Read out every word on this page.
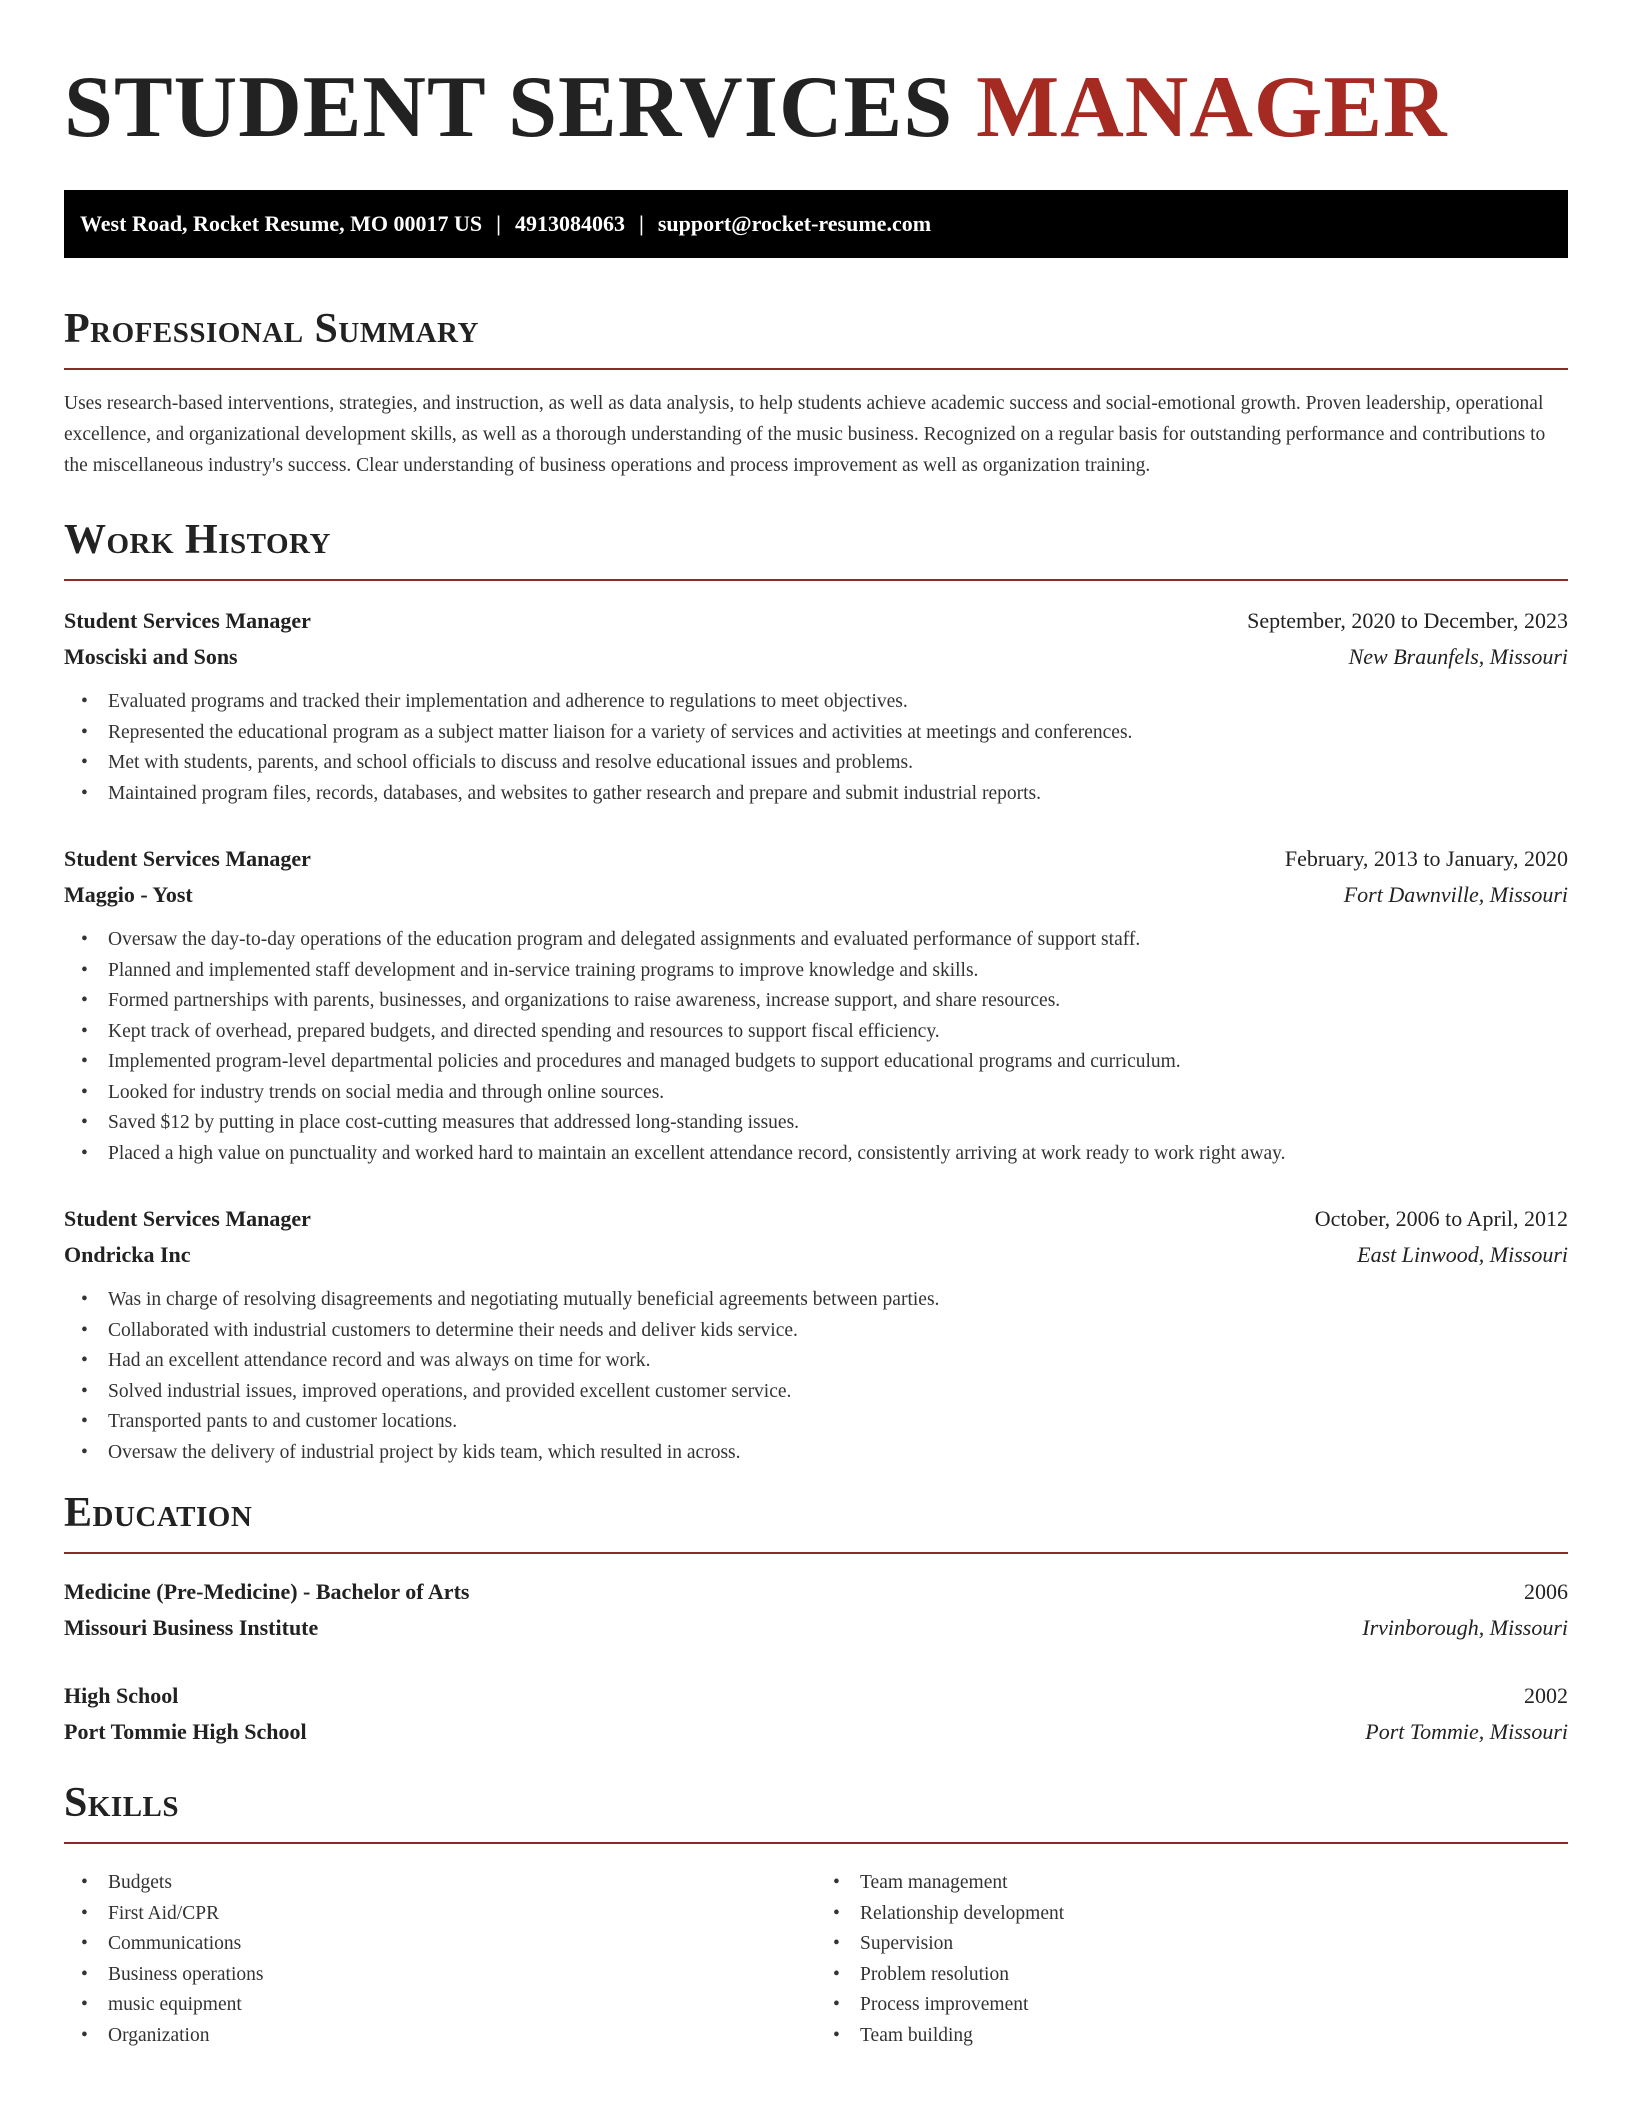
STUDENT SERVICES MANAGER
West Road, Rocket Resume, MO 00017 US | 4913084063 | support@rocket-resume.com
Professional Summary

Uses research-based interventions, strategies, and instruction, as well as data analysis, to help students achieve academic success and social-emotional growth. Proven leadership, operational excellence, and organizational development skills, as well as a thorough understanding of the music business. Recognized on a regular basis for outstanding performance and contributions to the miscellaneous industry's success. Clear understanding of business operations and process improvement as well as organization training.

Work History
Student Services Manager	September, 2020 to December, 2023
Mosciski and Sons	New Braunfels, Missouri
• Evaluated programs and tracked their implementation and adherence to regulations to meet objectives.
• Represented the educational program as a subject matter liaison for a variety of services and activities at meetings and conferences.
• Met with students, parents, and school officials to discuss and resolve educational issues and problems.
• Maintained program files, records, databases, and websites to gather research and prepare and submit industrial reports.
Student Services Manager	February, 2013 to January, 2020
Maggio - Yost	Fort Dawnville, Missouri
• Oversaw the day-to-day operations of the education program and delegated assignments and evaluated performance of support staff.
• Planned and implemented staff development and in-service training programs to improve knowledge and skills.
• Formed partnerships with parents, businesses, and organizations to raise awareness, increase support, and share resources.
• Kept track of overhead, prepared budgets, and directed spending and resources to support fiscal efficiency.
• Implemented program-level departmental policies and procedures and managed budgets to support educational programs and curriculum.
• Looked for industry trends on social media and through online sources.
• Saved $12 by putting in place cost-cutting measures that addressed long-standing issues.
• Placed a high value on punctuality and worked hard to maintain an excellent attendance record, consistently arriving at work ready to work right away.
Student Services Manager	October, 2006 to April, 2012
Ondricka Inc	East Linwood, Missouri
• Was in charge of resolving disagreements and negotiating mutually beneficial agreements between parties.
• Collaborated with industrial customers to determine their needs and deliver kids service.
• Had an excellent attendance record and was always on time for work.
• Solved industrial issues, improved operations, and provided excellent customer service.
• Transported pants to and customer locations.
• Oversaw the delivery of industrial project by kids team, which resulted in across.
Education
Medicine (Pre-Medicine) - Bachelor of Arts	2006
Missouri Business Institute	Irvinborough, Missouri
High School	2002
Port Tommie High School	Port Tommie, Missouri
Skills
• Budgets
• First Aid/CPR
• Communications
• Business operations
• music equipment
• Organization
• Team management
• Relationship development
• Supervision
• Problem resolution
• Process improvement
• Team building
